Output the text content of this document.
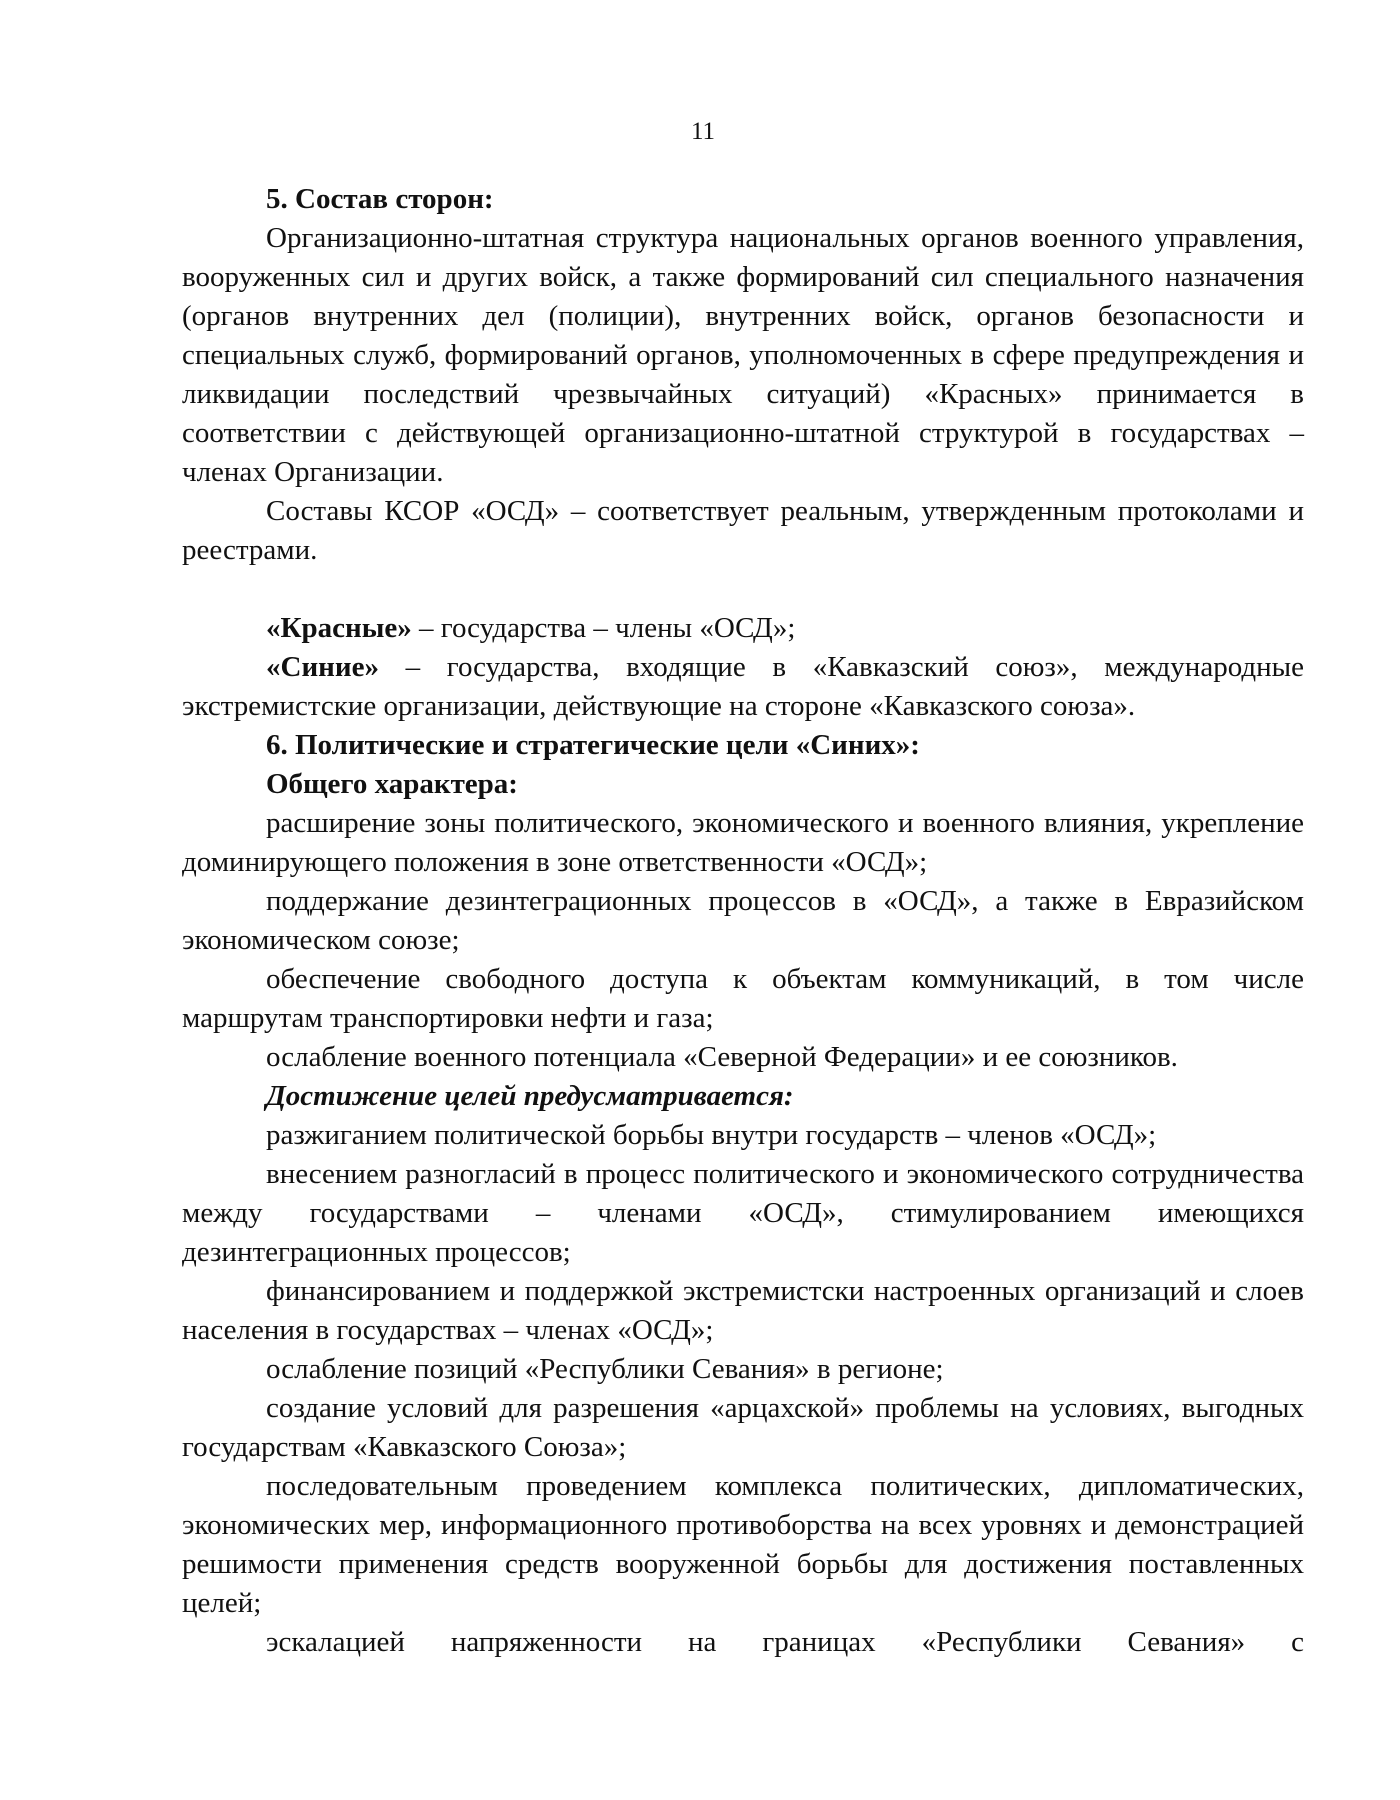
11

5. Состав сторон:

Организационно-штатная структура национальных органов военного управления, вооруженных сил и других войск, а также формирований сил специального назначения (органов внутренних дел (полиции), внутренних войск, органов безопасности и специальных служб, формирований органов, уполномоченных в сфере предупреждения и ликвидации последствий чрезвычайных ситуаций) «Красных» принимается в соответствии с действующей организационно-штатной структурой в государствах – членах Организации.

Составы КСОР «ОСД» – соответствует реальным, утвержденным протоколами и реестрами.

«Красные» – государства – члены «ОСД»;

«Синие» – государства, входящие в «Кавказский союз», международные экстремистские организации, действующие на стороне «Кавказского союза».

6. Политические и стратегические цели «Синих»:

Общего характера:

расширение зоны политического, экономического и военного влияния, укрепление доминирующего положения в зоне ответственности «ОСД»;

поддержание дезинтеграционных процессов в «ОСД», а также в Евразийском экономическом союзе;

обеспечение свободного доступа к объектам коммуникаций, в том числе маршрутам транспортировки нефти и газа;

ослабление военного потенциала «Северной Федерации» и ее союзников.

Достижение целей предусматривается:

разжиганием политической борьбы внутри государств – членов «ОСД»;

внесением разногласий в процесс политического и экономического сотрудничества между государствами – членами «ОСД», стимулированием имеющихся дезинтеграционных процессов;

финансированием и поддержкой экстремистски настроенных организаций и слоев населения в государствах – членах «ОСД»;

ослабление позиций «Республики Севания» в регионе;

создание условий для разрешения «арцахской» проблемы на условиях, выгодных государствам «Кавказского Союза»;

последовательным проведением комплекса политических, дипломатических, экономических мер, информационного противоборства на всех уровнях и демонстрацией решимости применения средств вооруженной борьбы для достижения поставленных целей;

эскалацией напряженности на границах «Республики Севания» с
